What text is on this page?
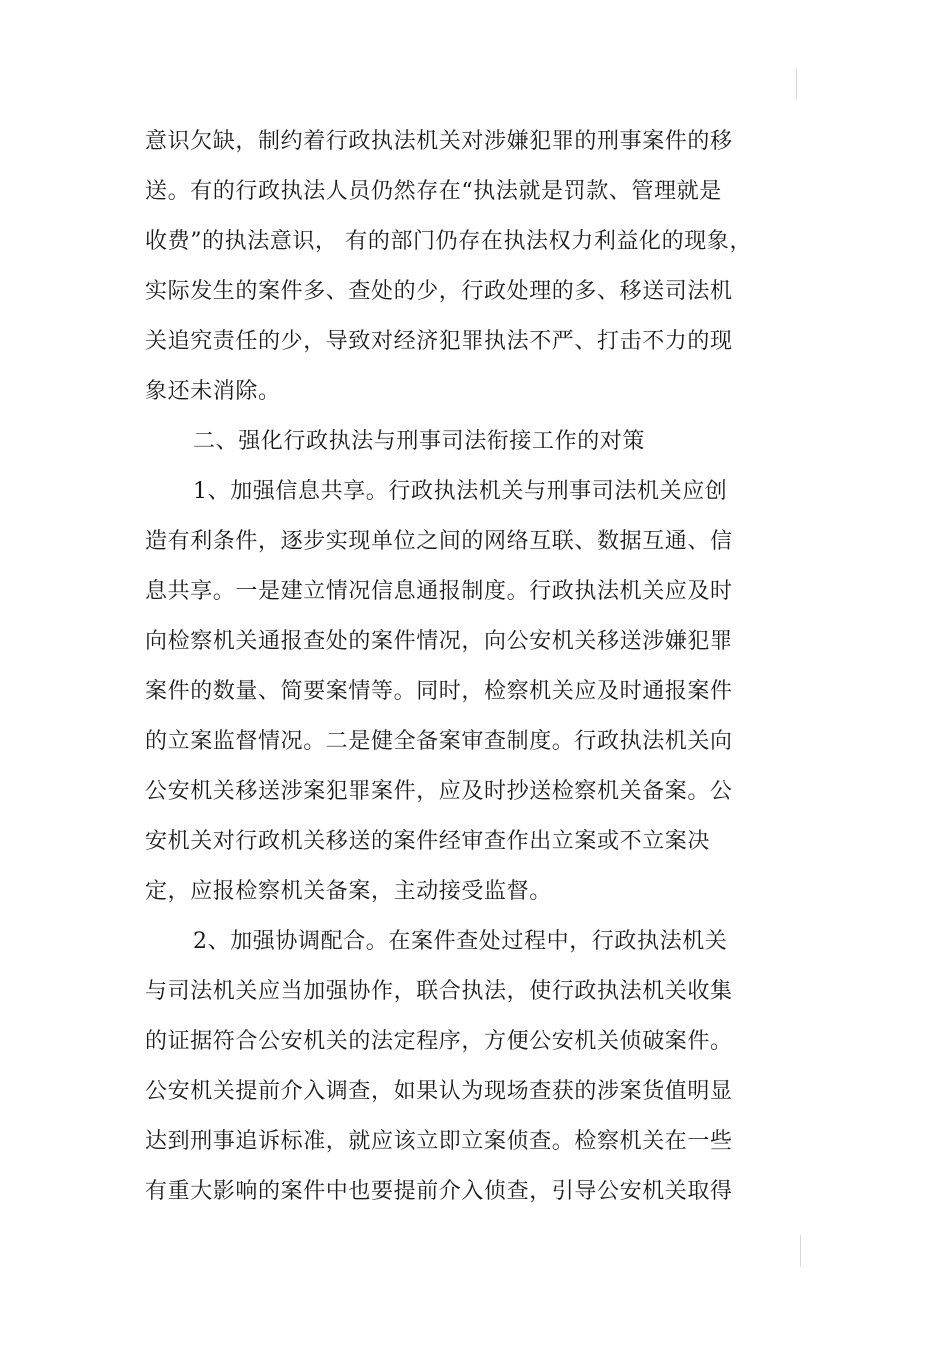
意识欠缺，制约着行政执法机关对涉嫌犯罪的刑事案件的移
送。有的行政执法人员仍然存在“执法就是罚款、管理就是
收费”的执法意识， 有的部门仍存在执法权力利益化的现象，
实际发生的案件多、查处的少，行政处理的多、移送司法机
关追究责任的少，导致对经济犯罪执法不严、打击不力的现
象还未消除。
二、强化行政执法与刑事司法衔接工作的对策
1、加强信息共享。行政执法机关与刑事司法机关应创
造有利条件，逐步实现单位之间的网络互联、数据互通、信
息共享。一是建立情况信息通报制度。行政执法机关应及时
向检察机关通报查处的案件情况，向公安机关移送涉嫌犯罪
案件的数量、简要案情等。同时，检察机关应及时通报案件
的立案监督情况。二是健全备案审查制度。行政执法机关向
公安机关移送涉案犯罪案件，应及时抄送检察机关备案。公
安机关对行政机关移送的案件经审查作出立案或不立案决
定，应报检察机关备案，主动接受监督。
2、加强协调配合。在案件查处过程中，行政执法机关
与司法机关应当加强协作，联合执法，使行政执法机关收集
的证据符合公安机关的法定程序，方便公安机关侦破案件。
公安机关提前介入调查，如果认为现场查获的涉案货值明显
达到刑事追诉标准，就应该立即立案侦查。检察机关在一些
有重大影响的案件中也要提前介入侦查，引导公安机关取得
